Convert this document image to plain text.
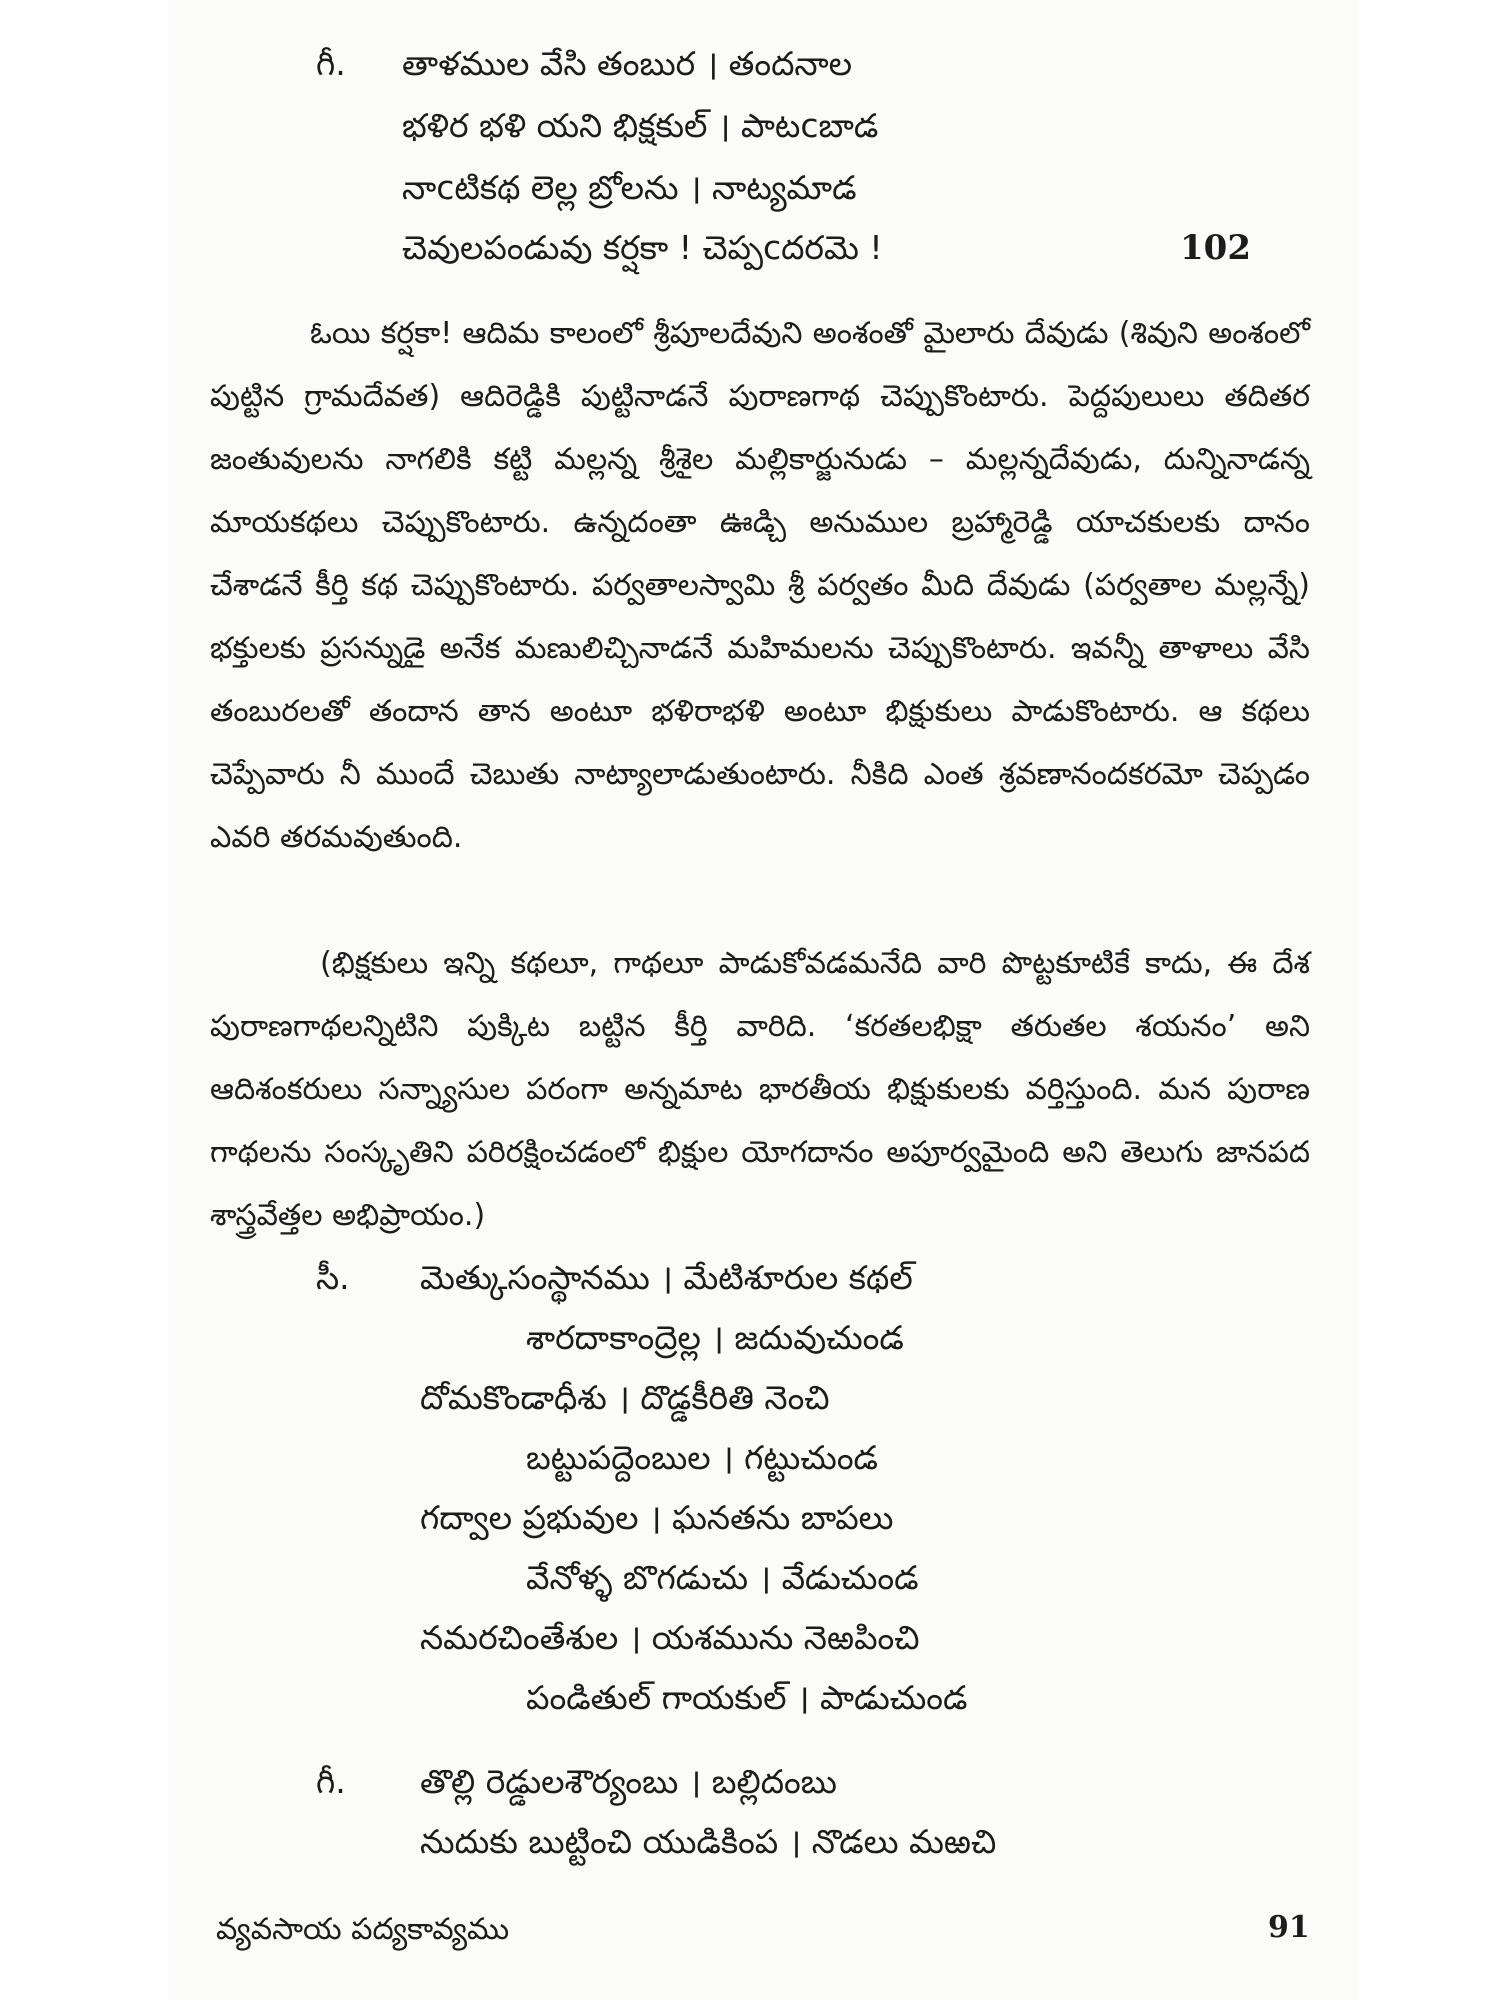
గీ. తాళముల వేసి తంబుర । తందనాల
భళిర భళి యని భిక్షకుల్ । పాటcబాడ
నాcటికథ లెల్ల బ్రోలను । నాట్యమాడ
చెవులపండువు కర్షకా ! చెప్పcదరమె !	102

ఓయి కర్షకా! ఆదిమ కాలంలో శ్రీపూలదేవుని అంశంతో మైలారు దేవుడు (శివుని అంశంలో పుట్టిన గ్రామదేవత) ఆదిరెడ్డికి పుట్టినాడనే పురాణగాథ చెప్పుకొంటారు. పెద్దపులులు తదితర జంతువులను నాగలికి కట్టి మల్లన్న శ్రీశైల మల్లికార్జునుడు – మల్లన్నదేవుడు, దున్నినాడన్న మాయకథలు చెప్పుకొంటారు. ఉన్నదంతా ఊడ్చి అనుముల బ్రహ్మారెడ్డి యాచకులకు దానం చేశాడనే కీర్తి కథ చెప్పుకొంటారు. పర్వతాలస్వామి శ్రీ పర్వతం మీది దేవుడు (పర్వతాల మల్లన్నే) భక్తులకు ప్రసన్నుడై అనేక మణులిచ్చినాడనే మహిమలను చెప్పుకొంటారు. ఇవన్నీ తాళాలు వేసి తంబురలతో తందాన తాన అంటూ భళిరాభళి అంటూ భిక్షుకులు పాడుకొంటారు. ఆ కథలు చెప్పేవారు నీ ముందే చెబుతు నాట్యాలాడుతుంటారు. నీకిది ఎంత శ్రవణానందకరమో చెప్పడం ఎవరి తరమవుతుంది.

(భిక్షకులు ఇన్ని కథలూ, గాథలూ పాడుకోవడమనేది వారి పొట్టకూటికే కాదు, ఈ దేశ పురాణగాథలన్నిటిని పుక్కిట బట్టిన కీర్తి వారిది. ‘కరతలభిక్షా తరుతల శయనం’ అని ఆదిశంకరులు సన్న్యాసుల పరంగా అన్నమాట భారతీయ భిక్షుకులకు వర్తిస్తుంది. మన పురాణ గాథలను సంస్కృతిని పరిరక్షించడంలో భిక్షుల యోగదానం అపూర్వమైంది అని తెలుగు జానపద శాస్త్రవేత్తల అభిప్రాయం.)

సీ. మెత్కుసంస్థానము । మేటిశూరుల కథల్
శారదాకాంద్రెల్ల । జదువుచుండ
దోమకొండాధీశు । దొడ్డకీరితి నెంచి
బట్టుపద్దెంబుల । గట్టుచుండ
గద్వాల ప్రభువుల । ఘనతను బాపలు
వేనోళ్ళ బొగడుచు । వేడుచుండ
నమరచింతేశుల । యశమును నెఱపించి
పండితుల్ గాయకుల్ । పాడుచుండ
గీ. తొల్లి రెడ్డులశౌర్యంబు । బల్లిదంబు
నుదుకు బుట్టించి యుడికింప । నొడలు మఱచి
వ్యవసాయ పద్యకావ్యము	91
